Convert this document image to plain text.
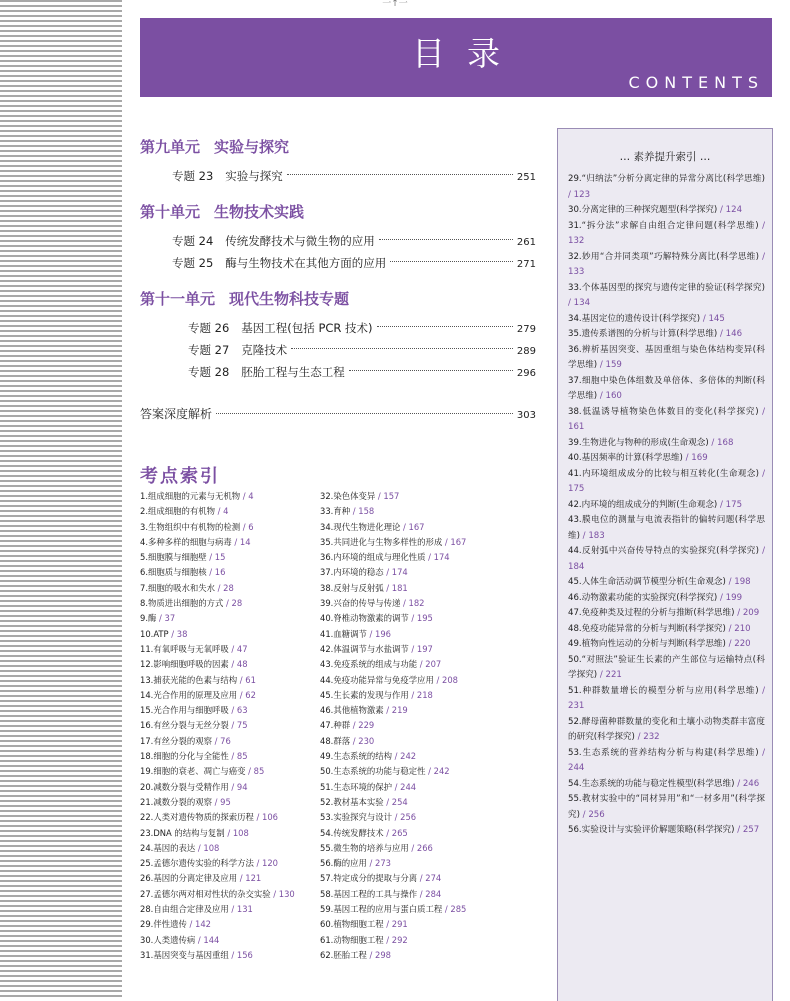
一↑一
目录
CONTENTS
第九单元 实验与探究
专题 23 实验与探究	251
第十单元 生物技术实践
专题 24 传统发酵技术与微生物的应用	261
专题 25 酶与生物技术在其他方面的应用	271
第十一单元 现代生物科技专题
专题 26 基因工程(包括 PCR 技术)	279
专题 27 克隆技术	289
专题 28 胚胎工程与生态工程	296
答案深度解析	303
考点索引
1.组成细胞的元素与无机物 / 4
2.组成细胞的有机物 / 4
3.生物组织中有机物的检测 / 6
4.多种多样的细胞与病毒 / 14
5.细胞膜与细胞壁 / 15
6.细胞质与细胞核 / 16
7.细胞的吸水和失水 / 28
8.物质进出细胞的方式 / 28
9.酶 / 37
10.ATP / 38
11.有氧呼吸与无氧呼吸 / 47
12.影响细胞呼吸的因素 / 48
13.捕获光能的色素与结构 / 61
14.光合作用的原理及应用 / 62
15.光合作用与细胞呼吸 / 63
16.有丝分裂与无丝分裂 / 75
17.有丝分裂的观察 / 76
18.细胞的分化与全能性 / 85
19.细胞的衰老、凋亡与癌变 / 85
20.减数分裂与受精作用 / 94
21.减数分裂的观察 / 95
22.人类对遗传物质的探索历程 / 106
23.DNA 的结构与复制 / 108
24.基因的表达 / 108
25.孟德尔遗传实验的科学方法 / 120
26.基因的分离定律及应用 / 121
27.孟德尔两对相对性状的杂交实验 / 130
28.自由组合定律及应用 / 131
29.伴性遗传 / 142
30.人类遗传病 / 144
31.基因突变与基因重组 / 156
32.染色体变异 / 157
33.育种 / 158
34.现代生物进化理论 / 167
35.共同进化与生物多样性的形成 / 167
36.内环境的组成与理化性质 / 174
37.内环境的稳态 / 174
38.反射与反射弧 / 181
39.兴奋的传导与传递 / 182
40.脊椎动物激素的调节 / 195
41.血糖调节 / 196
42.体温调节与水盐调节 / 197
43.免疫系统的组成与功能 / 207
44.免疫功能异常与免疫学应用 / 208
45.生长素的发现与作用 / 218
46.其他植物激素 / 219
47.种群 / 229
48.群落 / 230
49.生态系统的结构 / 242
50.生态系统的功能与稳定性 / 242
51.生态环境的保护 / 244
52.教材基本实验 / 254
53.实验探究与设计 / 256
54.传统发酵技术 / 265
55.微生物的培养与应用 / 266
56.酶的应用 / 273
57.特定成分的提取与分离 / 274
58.基因工程的工具与操作 / 284
59.基因工程的应用与蛋白质工程 / 285
60.植物细胞工程 / 291
61.动物细胞工程 / 292
62.胚胎工程 / 298
… 素养提升索引 …
29.“归纳法”分析分离定律的异常分离比(科学思维) / 123
30.分离定律的三种探究题型(科学探究) / 124
31.“拆分法”求解自由组合定律问题(科学思维) / 132
32.妙用“合并同类项”巧解特殊分离比(科学思维) / 133
33.个体基因型的探究与遗传定律的验证(科学探究) / 134
34.基因定位的遗传设计(科学探究) / 145
35.遗传系谱图的分析与计算(科学思维) / 146
36.辨析基因突变、基因重组与染色体结构变异(科学思维) / 159
37.细胞中染色体组数及单倍体、多倍体的判断(科学思维) / 160
38.低温诱导植物染色体数目的变化(科学探究) / 161
39.生物进化与物种的形成(生命观念) / 168
40.基因频率的计算(科学思维) / 169
41.内环境组成成分的比较与相互转化(生命观念) / 175
42.内环境的组成成分的判断(生命观念) / 175
43.膜电位的测量与电流表指针的偏转问题(科学思维) / 183
44.反射弧中兴奋传导特点的实验探究(科学探究) / 184
45.人体生命活动调节模型分析(生命观念) / 198
46.动物激素功能的实验探究(科学探究) / 199
47.免疫种类及过程的分析与推断(科学思维) / 209
48.免疫功能异常的分析与判断(科学探究) / 210
49.植物向性运动的分析与判断(科学思维) / 220
50.“对照法”验证生长素的产生部位与运输特点(科学探究) / 221
51.种群数量增长的模型分析与应用(科学思维) / 231
52.酵母菌种群数量的变化和土壤小动物类群丰富度的研究(科学探究) / 232
53.生态系统的营养结构分析与构建(科学思维) / 244
54.生态系统的功能与稳定性模型(科学思维) / 246
55.教材实验中的“同材异用”和“一材多用”(科学探究) / 256
56.实验设计与实验评价解题策略(科学探究) / 257
